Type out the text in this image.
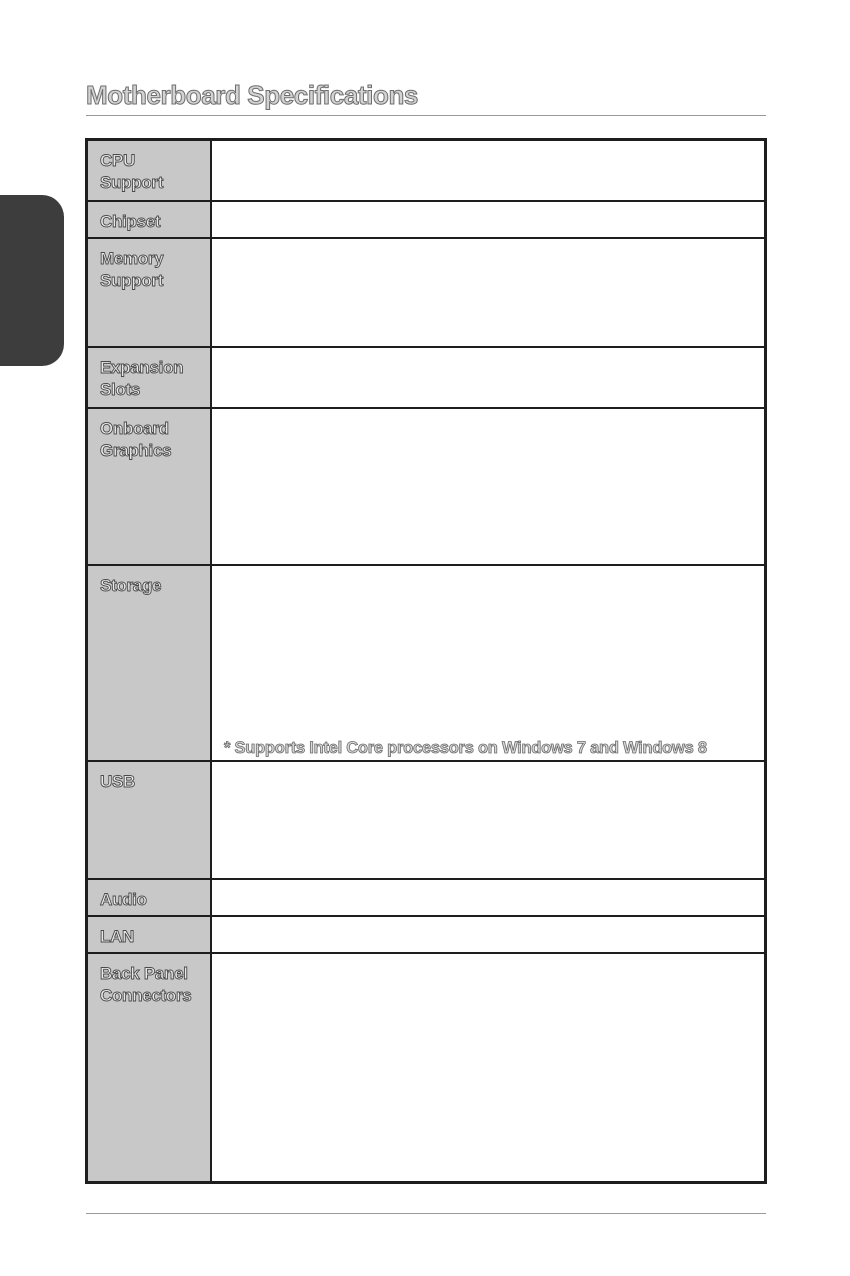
Motherboard Specifications
CPU
Support	

Chipset	

Memory
Support	

Expansion
Slots	

Onboard
Graphics	

Storage	* Supports Intel Core processors on Windows 7 and Windows 8

USB	

Audio	

LAN	

Back Panel
Connectors	
